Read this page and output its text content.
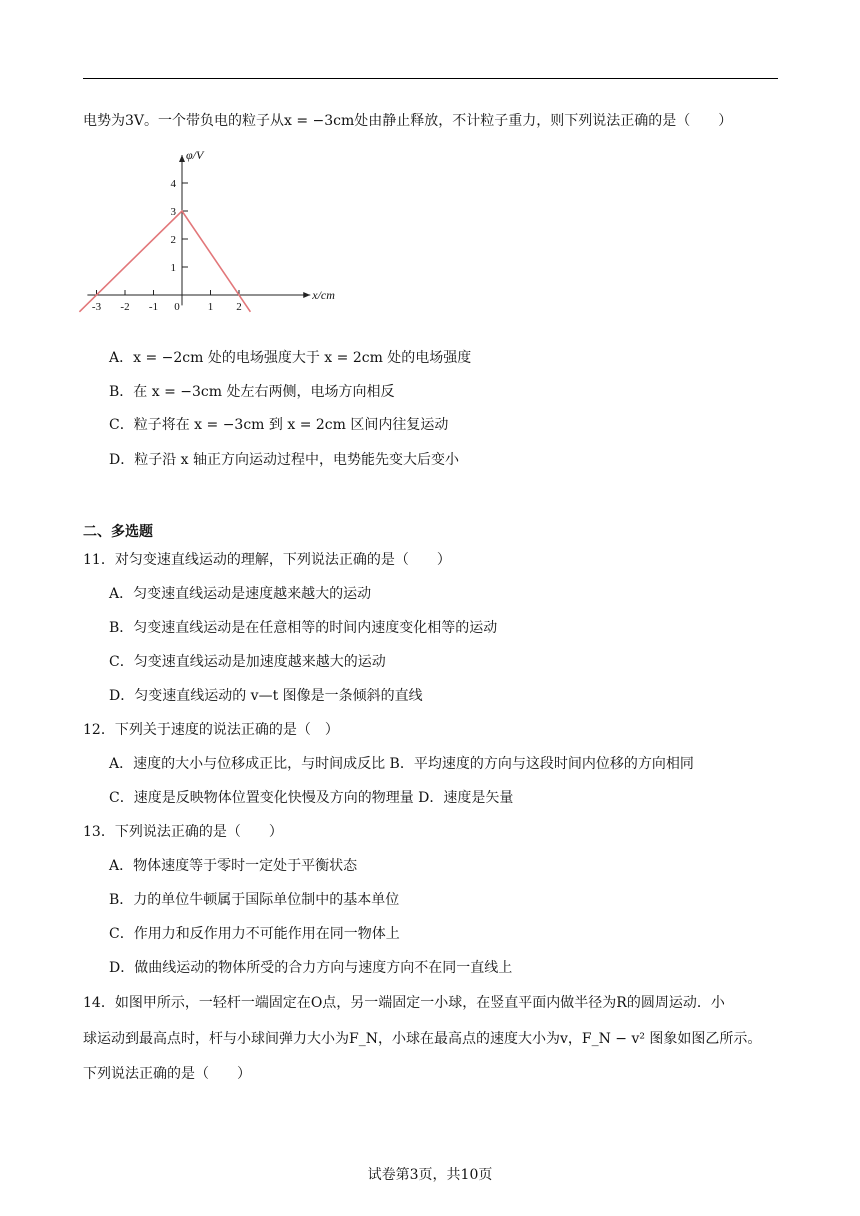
电势为3V。一个带负电的粒子从x = −3cm处由静止释放，不计粒子重力，则下列说法正确的是（　　）
x/cm
φ/V
-3 -2 -1 0	1 2
1
2
3
4
A．x = −2cm 处的电场强度大于 x = 2cm 处的电场强度
B．在 x = −3cm 处左右两侧，电场方向相反
C．粒子将在 x = −3cm 到 x = 2cm 区间内往复运动
D．粒子沿 x 轴正方向运动过程中，电势能先变大后变小
二、多选题
11．对匀变速直线运动的理解，下列说法正确的是（　　）
A．匀变速直线运动是速度越来越大的运动
B．匀变速直线运动是在任意相等的时间内速度变化相等的运动
C．匀变速直线运动是加速度越来越大的运动
D．匀变速直线运动的 v—t 图像是一条倾斜的直线
12．下列关于速度的说法正确的是（　）
A．速度的大小与位移成正比，与时间成反比 B．平均速度的方向与这段时间内位移的方向相同
C．速度是反映物体位置变化快慢及方向的物理量 D．速度是矢量
13．下列说法正确的是（　　）
A．物体速度等于零时一定处于平衡状态
B．力的单位牛顿属于国际单位制中的基本单位
C．作用力和反作用力不可能作用在同一物体上
D．做曲线运动的物体所受的合力方向与速度方向不在同一直线上
14．如图甲所示，一轻杆一端固定在O点，另一端固定一小球，在竖直平面内做半径为R的圆周运动．小
球运动到最高点时，杆与小球间弹力大小为F_N，小球在最高点的速度大小为v，F_N − v² 图象如图乙所示。
下列说法正确的是（　　）
试卷第3页，共10页
